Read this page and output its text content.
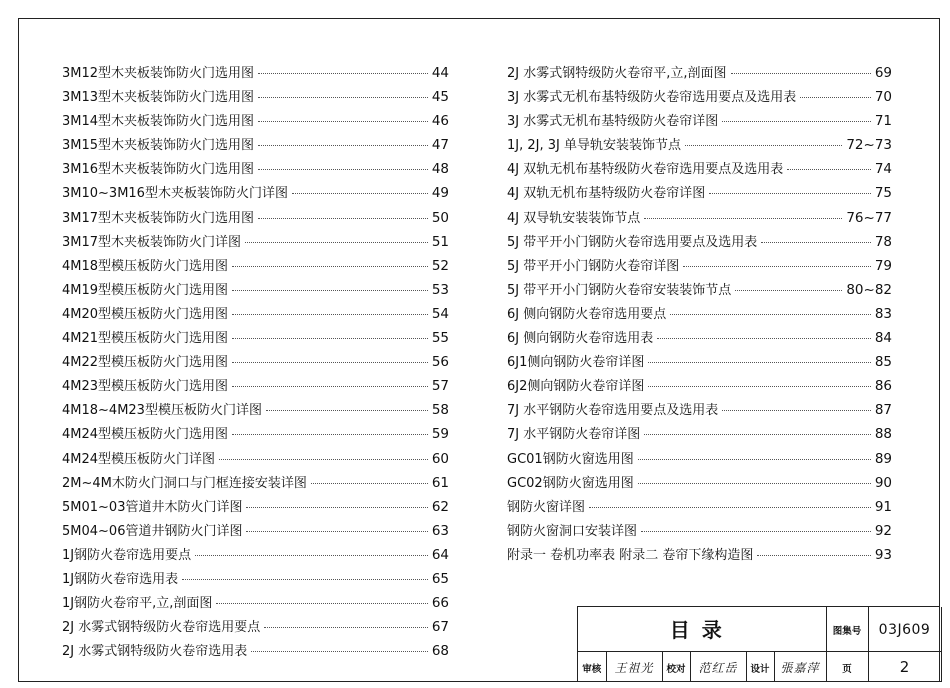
3M12型木夹板装饰防火门选用图	44
3M13型木夹板装饰防火门选用图	45
3M14型木夹板装饰防火门选用图	46
3M15型木夹板装饰防火门选用图	47
3M16型木夹板装饰防火门选用图	48
3M10~3M16型木夹板装饰防火门详图	49
3M17型木夹板装饰防火门选用图	50
3M17型木夹板装饰防火门详图	51
4M18型模压板防火门选用图	52
4M19型模压板防火门选用图	53
4M20型模压板防火门选用图	54
4M21型模压板防火门选用图	55
4M22型模压板防火门选用图	56
4M23型模压板防火门选用图	57
4M18~4M23型模压板防火门详图	58
4M24型模压板防火门选用图	59
4M24型模压板防火门详图	60
2M~4M木防火门洞口与门框连接安装详图	61
5M01~03管道井木防火门详图	62
5M04~06管道井钢防火门详图	63
1J钢防火卷帘选用要点	64
1J钢防火卷帘选用表	65
1J钢防火卷帘平,立,剖面图	66
2J 水雾式钢特级防火卷帘选用要点	67
2J 水雾式钢特级防火卷帘选用表	68
2J 水雾式钢特级防火卷帘平,立,剖面图	69
3J 水雾式无机布基特级防火卷帘选用要点及选用表	70
3J 水雾式无机布基特级防火卷帘详图	71
1J, 2J, 3J 单导轨安装装饰节点	72~73
4J 双轨无机布基特级防火卷帘选用要点及选用表	74
4J 双轨无机布基特级防火卷帘详图	75
4J 双导轨安装装饰节点	76~77
5J 带平开小门钢防火卷帘选用要点及选用表	78
5J 带平开小门钢防火卷帘详图	79
5J 带平开小门钢防火卷帘安装装饰节点	80~82
6J 侧向钢防火卷帘选用要点	83
6J 侧向钢防火卷帘选用表	84
6J1侧向钢防火卷帘详图	85
6J2侧向钢防火卷帘详图	86
7J 水平钢防火卷帘选用要点及选用表	87
7J 水平钢防火卷帘详图	88
GC01钢防火窗选用图	89
GC02钢防火窗选用图	90
钢防火窗详图	91
钢防火窗洞口安装详图	92
附录一 卷机功率表 附录二 卷帘下缘构造图	93
目录						图集号	03J609
审核	王祖光	校对	范红岳	设计	張嘉萍	页	2
